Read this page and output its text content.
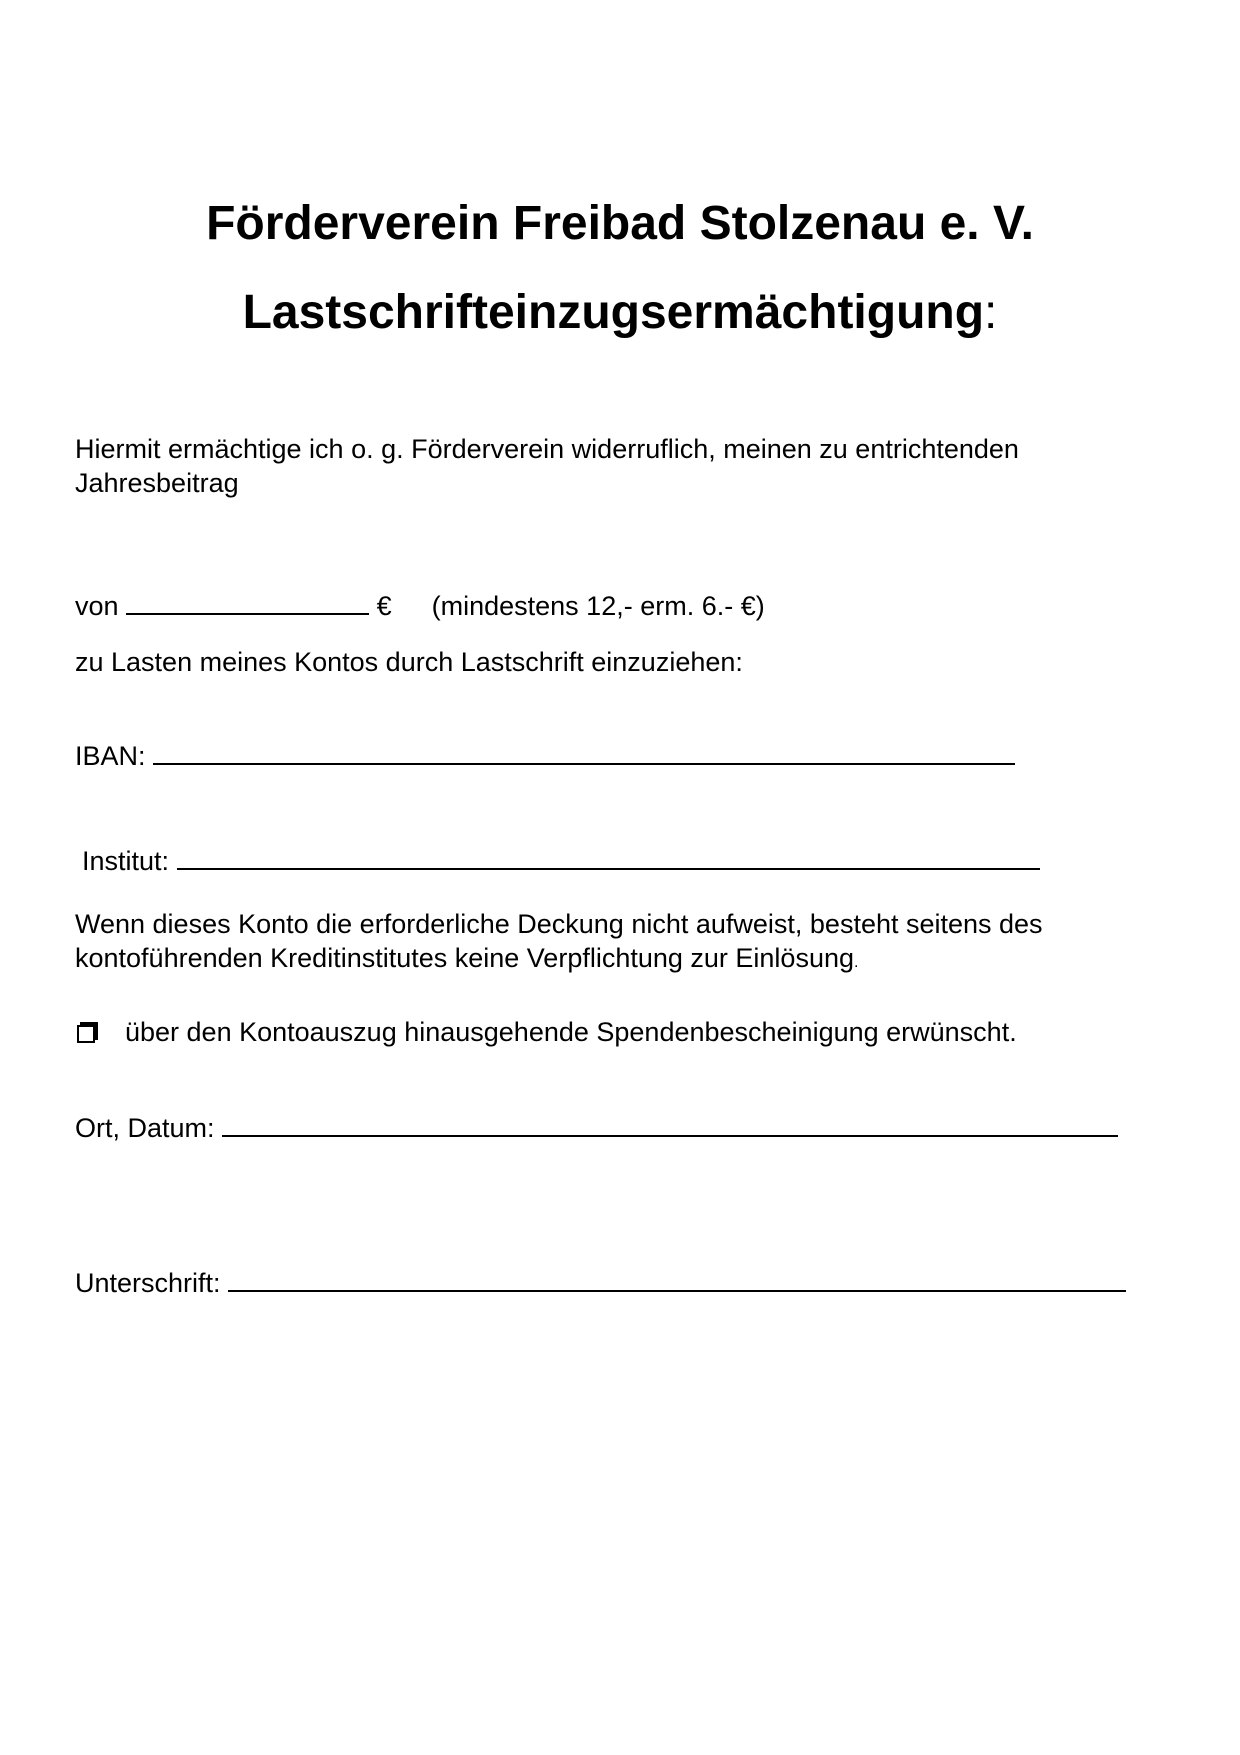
Förderverein Freibad Stolzenau e. V.
Lastschrifteinzugsermächtigung:
Hiermit ermächtige ich o. g. Förderverein widerruflich, meinen zu entrichtenden Jahresbeitrag
von	€ (mindestens 12,- erm. 6.- €)
zu Lasten meines Kontos durch Lastschrift einzuziehen:
IBAN:
Institut:
Wenn dieses Konto die erforderliche Deckung nicht aufweist, besteht seitens des kontoführenden Kreditinstitutes keine Verpflichtung zur Einlösung.
über den Kontoauszug hinausgehende Spendenbescheinigung erwünscht.
Ort, Datum:
Unterschrift:
